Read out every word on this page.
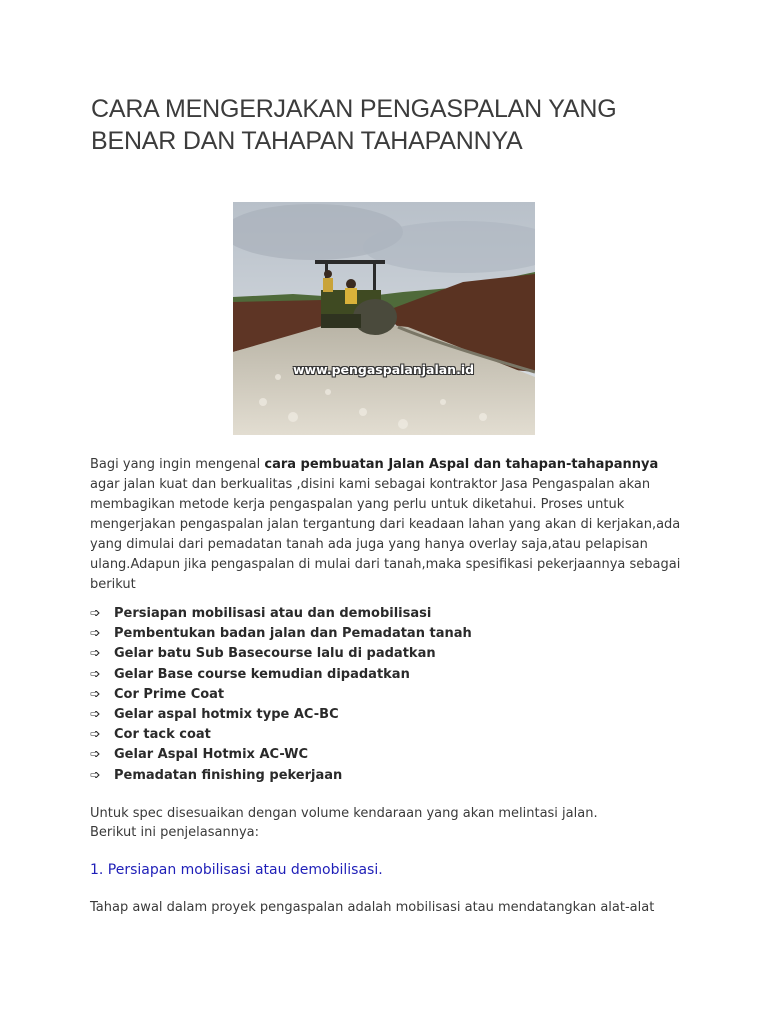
CARA MENGERJAKAN PENGASPALAN YANG BENAR DAN TAHAPAN TAHAPANNYA
www.pengaspalanjalan.id
Bagi yang ingin mengenal cara pembuatan Jalan Aspal dan tahapan-tahapannya agar jalan kuat dan berkualitas ,disini kami sebagai kontraktor Jasa Pengaspalan akan membagikan metode kerja pengaspalan yang perlu untuk diketahui. Proses untuk mengerjakan pengaspalan jalan tergantung dari keadaan lahan yang akan di kerjakan,ada yang dimulai dari pemadatan tanah ada juga yang hanya overlay saja,atau pelapisan ulang.Adapun jika pengaspalan di mulai dari tanah,maka spesifikasi pekerjaannya sebagai berikut
➩ Persiapan mobilisasi atau dan demobilisasi
➩ Pembentukan badan jalan dan Pemadatan tanah
➩ Gelar batu Sub Basecourse lalu di padatkan
➩ Gelar Base course kemudian dipadatkan
➩ Cor Prime Coat
➩ Gelar aspal hotmix type AC-BC
➩ Cor tack coat
➩ Gelar Aspal Hotmix AC-WC
➩ Pemadatan finishing pekerjaan
Untuk spec disesuaikan dengan volume kendaraan yang akan melintasi jalan.
Berikut ini penjelasannya:
1. Persiapan mobilisasi atau demobilisasi.
Tahap awal dalam proyek pengaspalan adalah mobilisasi atau mendatangkan alat-alat
